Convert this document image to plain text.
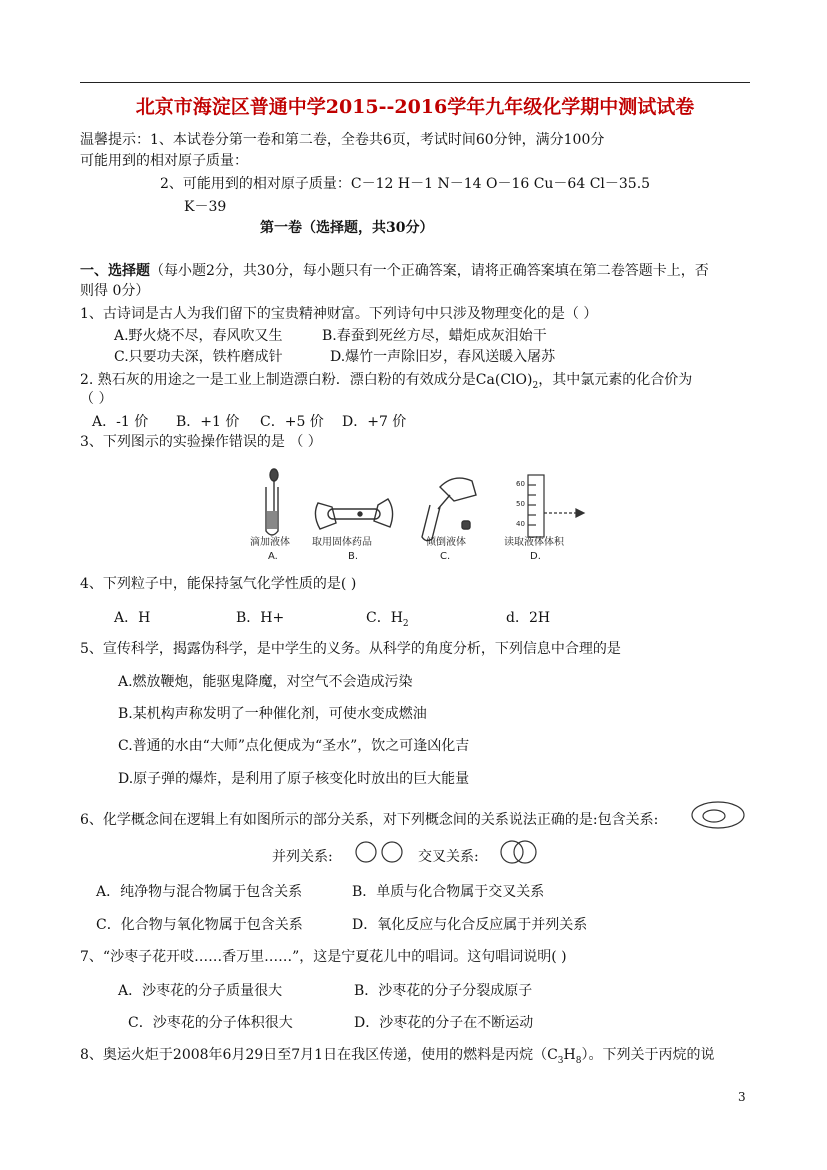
北京市海淀区普通中学2015--2016学年九年级化学期中测试试卷
温馨提示：1、本试卷分第一卷和第二卷，全卷共6页，考试时间60分钟，满分100分
可能用到的相对原子质量：
2、可能用到的相对原子质量：C－12 H－1 N－14 O－16 Cu－64 Cl－35.5
K－39
第一卷（选择题，共30分）
一、选择题（每小题2分，共30分，每小题只有一个正确答案，请将正确答案填在第二卷答题卡上，否
则得 0分）
1、古诗词是古人为我们留下的宝贵精神财富。下列诗句中只涉及物理变化的是（ ）
A.野火烧不尽，春风吹又生	B.春蚕到死丝方尽，蜡炬成灰泪始干
C.只要功夫深，铁杵磨成针	D.爆竹一声除旧岁，春风送暖入屠苏
2. 熟石灰的用途之一是工业上制造漂白粉．漂白粉的有效成分是$Ca(ClO)_2$，其中氯元素的化合价为
（ ）
A．-1 价 B．+1 价 C．+5 价 D．+7 价
3、下列图示的实验操作错误的是 （ ）
滴加液体
A.
取用固体药品
B.
倾倒液体
C.
60
50
40
读取液体体积
D.
4、下列粒子中，能保持氢气化学性质的是( )
A．H	B．H+	C．$H_2$	d．2H
5、宣传科学，揭露伪科学，是中学生的义务。从科学的角度分析，下列信息中合理的是
A.燃放鞭炮，能驱鬼降魔，对空气不会造成污染
B.某机构声称发明了一种催化剂，可使水变成燃油
C.普通的水由“大师”点化便成为“圣水”，饮之可逢凶化吉
D.原子弹的爆炸，是利用了原子核变化时放出的巨大能量
6、化学概念间在逻辑上有如图所示的部分关系，对下列概念间的关系说法正确的是:包含关系:
并列关系:	交叉关系:
A．纯净物与混合物属于包含关系	B．单质与化合物属于交叉关系
C．化合物与氧化物属于包含关系	D．氧化反应与化合反应属于并列关系
7、“沙枣子花开哎……香万里……”，这是宁夏花儿中的唱词。这句唱词说明( )
A．沙枣花的分子质量很大	B．沙枣花的分子分裂成原子
C．沙枣花的分子体积很大	D．沙枣花的分子在不断运动
8、奥运火炬于2008年6月29日至7月1日在我区传递，使用的燃料是丙烷$(C_3H_8)$。下列关于丙烷的说
3
